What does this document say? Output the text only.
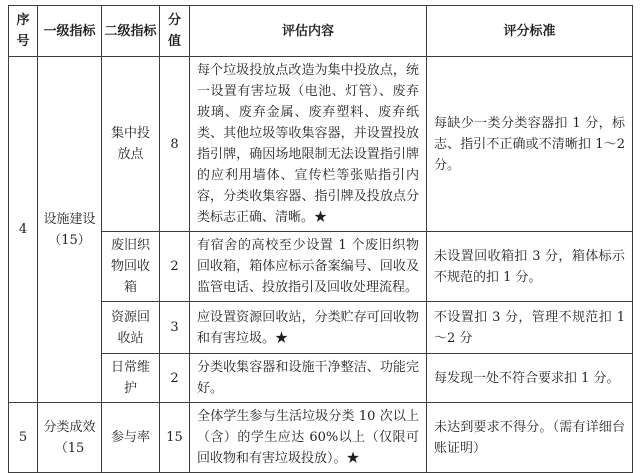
序号	一级指标	二级指标	分值	评估内容	评分标准
4	设施建设（15）	集中投放点	8	每个垃圾投放点改造为集中投放点，统一设置有害垃圾（电池、灯管）、废弃玻璃、废弃金属、废弃塑料、废弃纸类、其他垃圾等收集容器，并设置投放指引牌，确因场地限制无法设置指引牌的应利用墙体、宣传栏等张贴指引内容，分类收集容器、指引牌及投放点分类标志正确、清晰。★	每缺少一类分类容器扣 1 分，标志、指引不正确或不清晰扣 1～2 分。
		废旧织物回收箱	2	有宿舍的高校至少设置 1 个废旧织物回收箱，箱体应标示备案编号、回收及监管电话、投放指引及回收处理流程。	未设置回收箱扣 3 分，箱体标示不规范的扣 1 分。
		资源回收站	3	应设置资源回收站，分类贮存可回收物和有害垃圾。★	不设置扣 3 分，管理不规范扣 1～2 分
		日常维护	2	分类收集容器和设施干净整洁、功能完好。	每发现一处不符合要求扣 1 分。
5	分类成效（15	参与率	15	全体学生参与生活垃圾分类 10 次以上（含）的学生应达 60%以上（仅限可回收物和有害垃圾投放）。★	未达到要求不得分。（需有详细台账证明）
